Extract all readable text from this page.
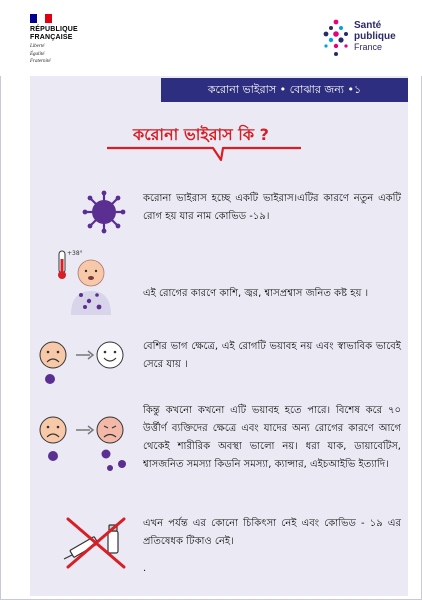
RÉPUBLIQUE
FRANÇAISE
Liberté
Égalité
Fraternité
Santé
publique
France
করোনা ভাইরাস • বোঝার জন্য •১
করোনা ভাইরাস কি ?
করোনা ভাইরাস হচ্ছে একটি ভাইরাস।এটির কারণে নতুন একটি রোগ হয় যার নাম কোভিড -১৯।
+38°
এই রোগের কারণে কাশি, জ্বর, শ্বাসপ্রশ্বাস জনিত কষ্ট হয় ।
বেশির ভাগ ক্ষেত্রে, এই রোগটি ভয়াবহ নয় এবং স্বাভাবিক ভাবেই সেরে যায় ।
কিন্তু কখনো কখনো এটি ভয়াবহ হতে পারে। বিশেষ করে ৭০ উর্ত্তীর্ণ ব্যক্তিদের ক্ষেত্রে এবং যাদের অন্য রোগের কারণে আগে থেকেই শারীরিক অবস্থা ভালো নয়। ধরা যাক, ডায়াবেটিস, শ্বাসজনিত সমস্যা কিডনি সমস্যা, ক্যান্সার, এইচআইভি ইত্যাদি।
এখন পর্যন্ত এর কোনো চিকিৎসা নেই এবং কোভিড - ১৯ এর প্রতিষেধক টিকাও নেই।
.
